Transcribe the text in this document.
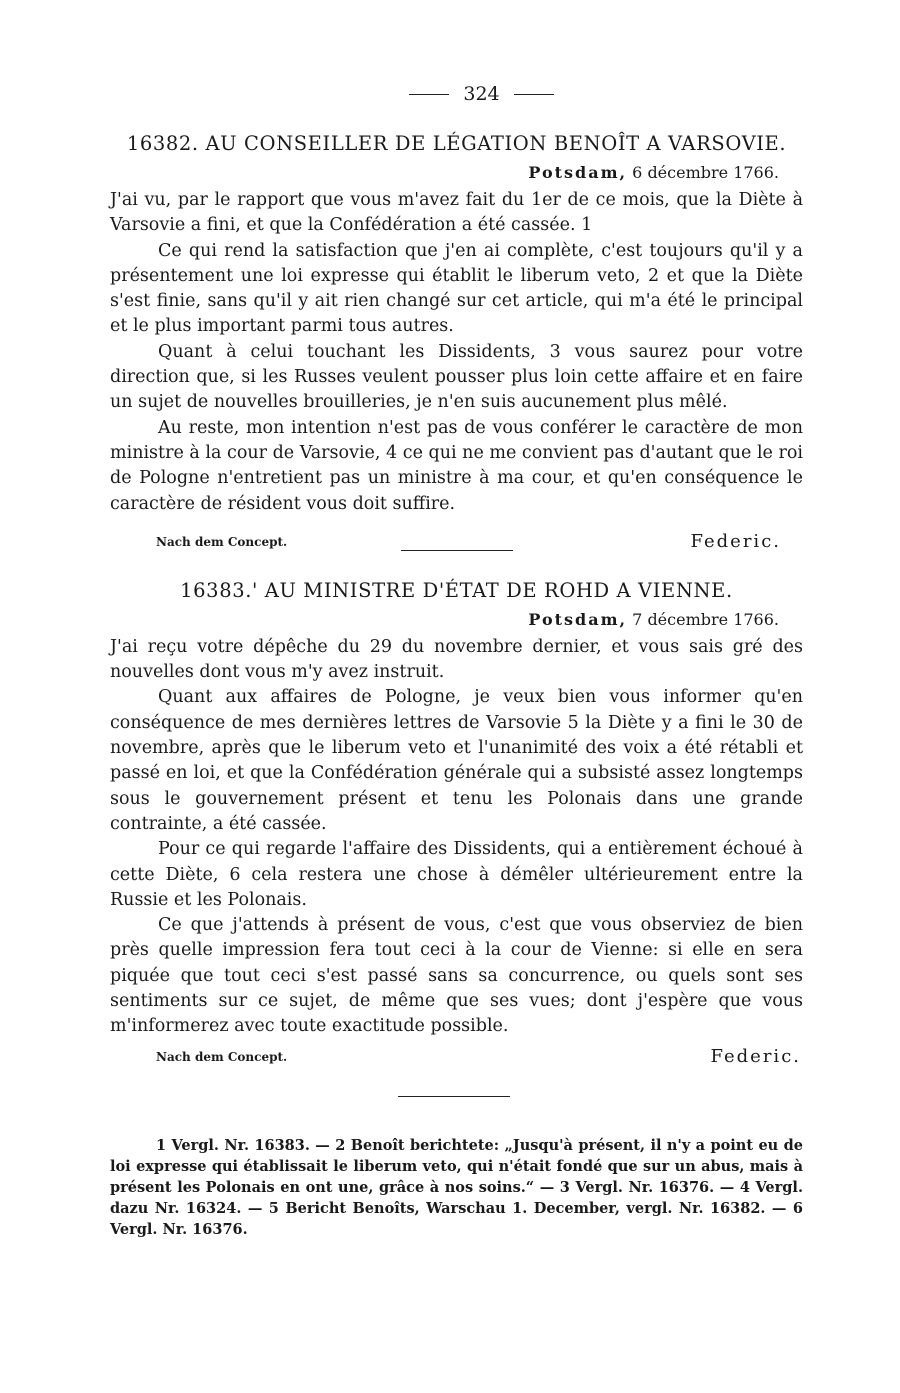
324
16382. AU CONSEILLER DE LÉGATION BENOÎT A VARSOVIE.
Potsdam, 6 décembre 1766.

J'ai vu, par le rapport que vous m'avez fait du 1er de ce mois, que la Diète à Varsovie a fini, et que la Confédération a été cassée. 1

Ce qui rend la satisfaction que j'en ai complète, c'est toujours qu'il y a présentement une loi expresse qui établit le liberum veto, 2 et que la Diète s'est finie, sans qu'il y ait rien changé sur cet article, qui m'a été le principal et le plus important parmi tous autres.

Quant à celui touchant les Dissidents, 3 vous saurez pour votre direction que, si les Russes veulent pousser plus loin cette affaire et en faire un sujet de nouvelles brouilleries, je n'en suis aucunement plus mêlé.

Au reste, mon intention n'est pas de vous conférer le caractère de mon ministre à la cour de Varsovie, 4 ce qui ne me convient pas d'autant que le roi de Pologne n'entretient pas un ministre à ma cour, et qu'en conséquence le caractère de résident vous doit suffire.

Nach dem Concept.	Federic.
16383.' AU MINISTRE D'ÉTAT DE ROHD A VIENNE.
Potsdam, 7 décembre 1766.

J'ai reçu votre dépêche du 29 du novembre dernier, et vous sais gré des nouvelles dont vous m'y avez instruit.

Quant aux affaires de Pologne, je veux bien vous informer qu'en conséquence de mes dernières lettres de Varsovie 5 la Diète y a fini le 30 de novembre, après que le liberum veto et l'unanimité des voix a été rétabli et passé en loi, et que la Confédération générale qui a subsisté assez longtemps sous le gouvernement présent et tenu les Polonais dans une grande contrainte, a été cassée.

Pour ce qui regarde l'affaire des Dissidents, qui a entièrement échoué à cette Diète, 6 cela restera une chose à démêler ultérieurement entre la Russie et les Polonais.

Ce que j'attends à présent de vous, c'est que vous observiez de bien près quelle impression fera tout ceci à la cour de Vienne: si elle en sera piquée que tout ceci s'est passé sans sa concurrence, ou quels sont ses sentiments sur ce sujet, de même que ses vues; dont j'espère que vous m'informerez avec toute exactitude possible.

Nach dem Concept.	Federic.

1 Vergl. Nr. 16383. — 2 Benoît berichtete: „Jusqu'à présent, il n'y a point eu de loi expresse qui établissait le liberum veto, qui n'était fondé que sur un abus, mais à présent les Polonais en ont une, grâce à nos soins.“ — 3 Vergl. Nr. 16376. — 4 Vergl. dazu Nr. 16324. — 5 Bericht Benoîts, Warschau 1. December, vergl. Nr. 16382. — 6 Vergl. Nr. 16376.
